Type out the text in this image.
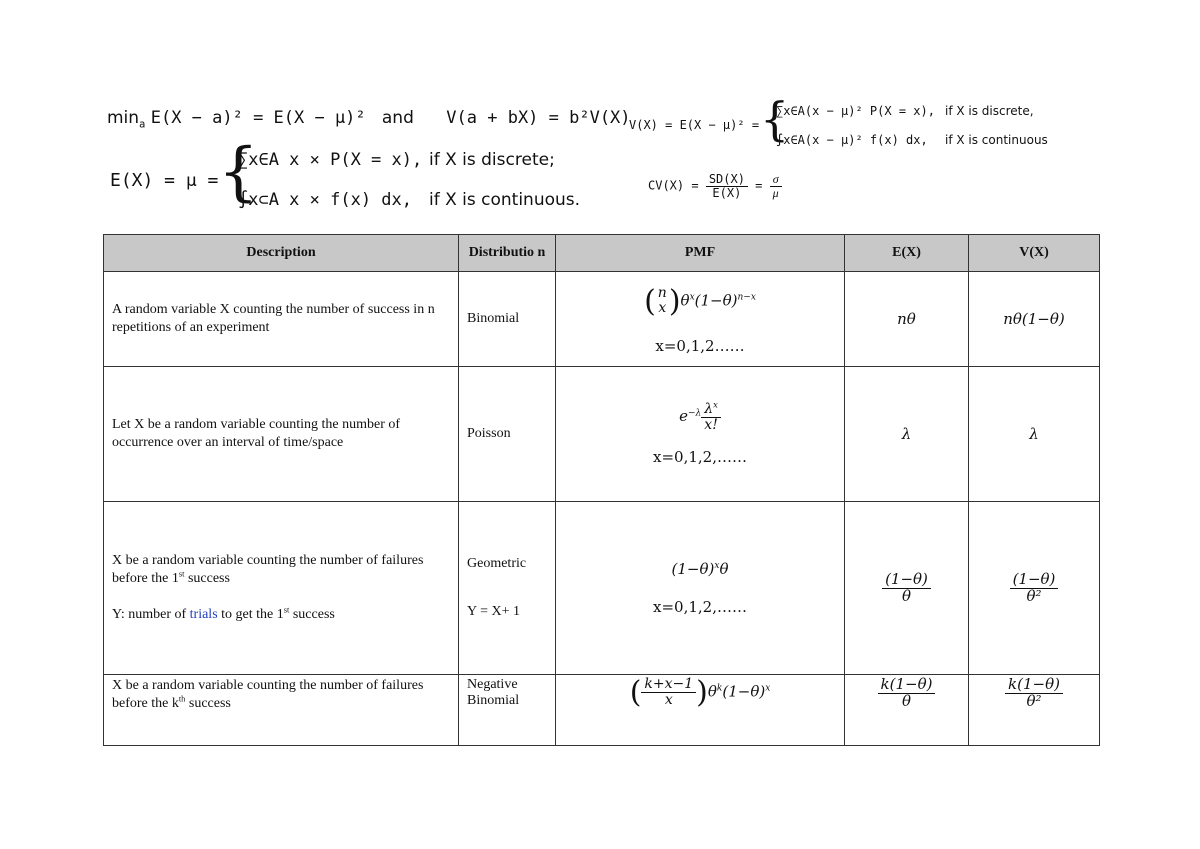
$\min_a E(X - a)^2 = E(X - \mu)^2$ and V(a + bX) = b²V(X)
E(X) = μ = {
∑x∈A x × P(X = x), if X is discrete;
∫x⊂A x × f(x) dx, if X is continuous.
V(X) = E(X − μ)² = {
∑x∈A(x − μ)² P(X = x), if X is discrete,
∫x∈A(x − μ)² f(x) dx, if X is continuous
$CV(X) = \frac{SD(X)}{E(X)} = \frac{\sigma}{\mu}$
Description	Distributio n	PMF	E(X)	V(X)
A random variable X counting the number of success in n repetitions of an experiment	Binomial	( n
x )$\theta^x(1-\theta)^{n-x}$
x=0,1,2……	nθ	nθ(1−θ)
Let X be a random variable counting the number of occurrence over an interval of time/space	Poisson	$e^{-\lambda} \frac{\lambda^x}{x!}$
x=0,1,2,……	λ	λ
X be a random variable counting the number of failures before the 1st success

Y: number of trials to get the 1st success	Geometric

Y = X+ 1	$(1-\theta)^x\theta$
x=0,1,2,……	$\frac{(1-\theta)}{\theta}$	$\frac{(1-\theta)}{\text{θ²}}$

X be a random variable counting the number of failures before the $k^{th}$ success	Negative Binomial	( $\frac{k+x-1}{x} )\theta^k(1-\theta)^x$	$\frac{k(1-\theta)}{\theta}$	$\frac{k(1-\theta)}{\text{θ²}}$
